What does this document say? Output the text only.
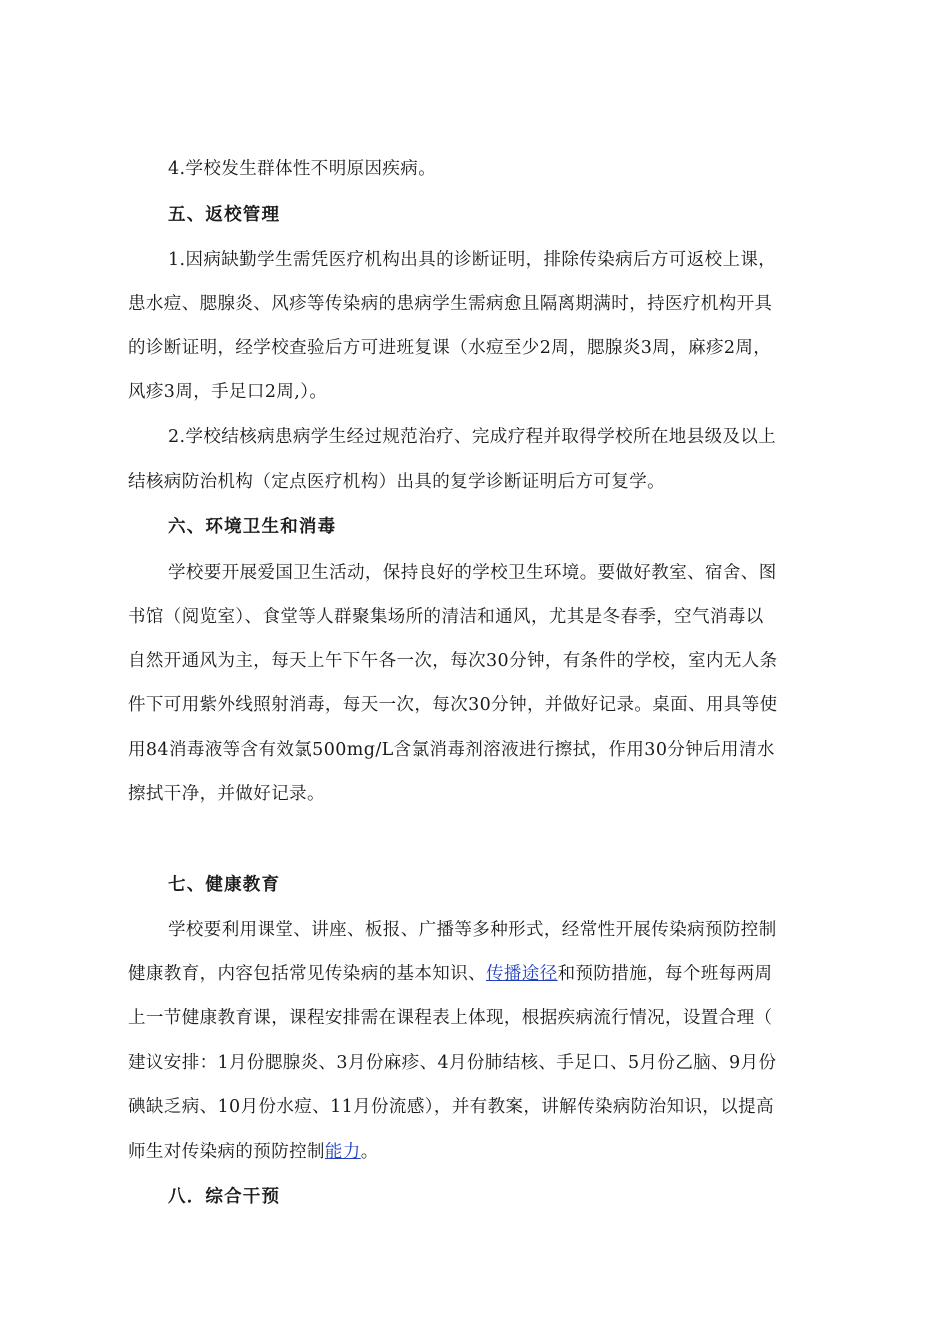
4.学校发生群体性不明原因疾病。
五、返校管理
1.因病缺勤学生需凭医疗机构出具的诊断证明，排除传染病后方可返校上课，
患水痘、腮腺炎、风疹等传染病的患病学生需病愈且隔离期满时，持医疗机构开具
的诊断证明，经学校查验后方可进班复课（水痘至少2周，腮腺炎3周，麻疹2周，
风疹3周，手足口2周,）。
2.学校结核病患病学生经过规范治疗、完成疗程并取得学校所在地县级及以上
结核病防治机构（定点医疗机构）出具的复学诊断证明后方可复学。
六、环境卫生和消毒
学校要开展爱国卫生活动，保持良好的学校卫生环境。要做好教室、宿舍、图
书馆（阅览室）、食堂等人群聚集场所的清洁和通风，尤其是冬春季，空气消毒以
自然开通风为主，每天上午下午各一次，每次30分钟，有条件的学校，室内无人条
件下可用紫外线照射消毒，每天一次，每次30分钟，并做好记录。桌面、用具等使
用84消毒液等含有效氯500mg/L含氯消毒剂溶液进行擦拭，作用30分钟后用清水
擦拭干净，并做好记录。
七、健康教育
学校要利用课堂、讲座、板报、广播等多种形式，经常性开展传染病预防控制
健康教育，内容包括常见传染病的基本知识、传播途径和预防措施，每个班每两周
上一节健康教育课，课程安排需在课程表上体现，根据疾病流行情况，设置合理（
建议安排：1月份腮腺炎、3月份麻疹、4月份肺结核、手足口、5月份乙脑、9月份
碘缺乏病、10月份水痘、11月份流感），并有教案，讲解传染病防治知识，以提高
师生对传染病的预防控制能力。
八．综合干预
